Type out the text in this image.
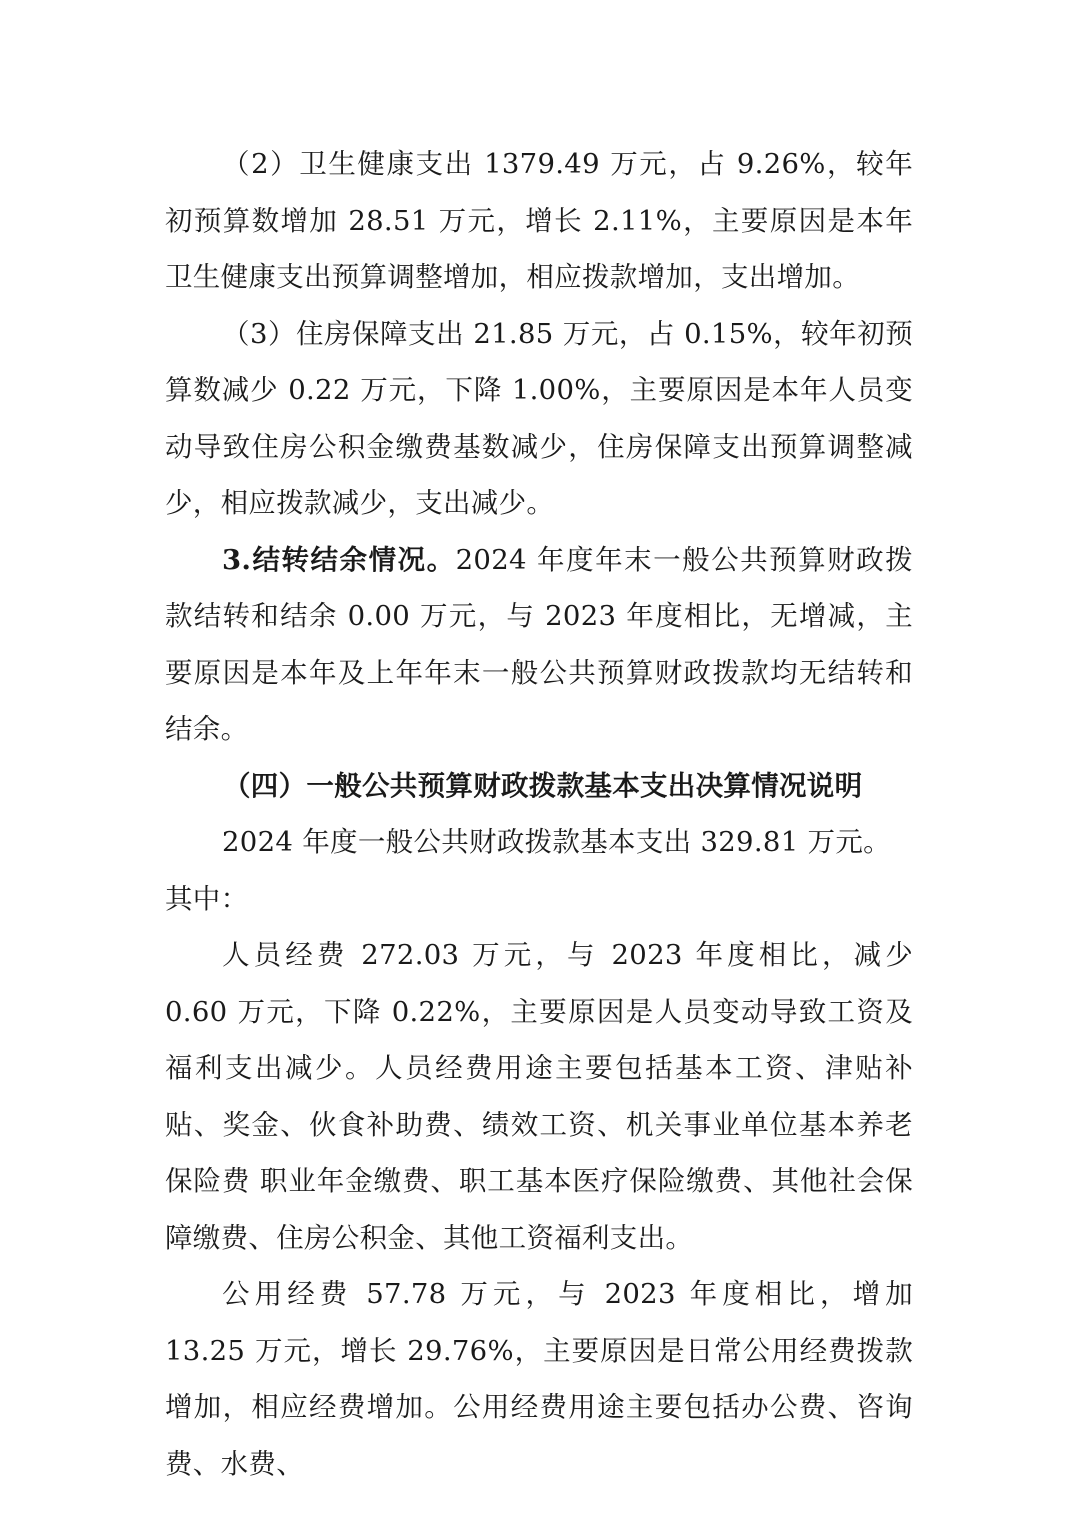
（2）卫生健康支出 1379.49 万元，占 9.26%，较年初预算数增加 28.51 万元，增长 2.11%，主要原因是本年卫生健康支出预算调整增加，相应拨款增加，支出增加。

（3）住房保障支出 21.85 万元，占 0.15%，较年初预算数减少 0.22 万元，下降 1.00%，主要原因是本年人员变动导致住房公积金缴费基数减少，住房保障支出预算调整减少，相应拨款减少，支出减少。

3.结转结余情况。2024 年度年末一般公共预算财政拨款结转和结余 0.00 万元，与 2023 年度相比，无增减，主要原因是本年及上年年末一般公共预算财政拨款均无结转和结余。

（四）一般公共预算财政拨款基本支出决算情况说明

2024 年度一般公共财政拨款基本支出 329.81 万元。

其中：

人员经费 272.03 万元，与 2023 年度相比，减少 0.60 万元，下降 0.22%，主要原因是人员变动导致工资及福利支出减少。人员经费用途主要包括基本工资、津贴补贴、奖金、伙食补助费、绩效工资、机关事业单位基本养老保险费 职业年金缴费、职工基本医疗保险缴费、其他社会保障缴费、住房公积金、其他工资福利支出。

公用经费 57.78 万元，与 2023 年度相比，增加 13.25 万元，增长 29.76%，主要原因是日常公用经费拨款增加，相应经费增加。公用经费用途主要包括办公费、咨询费、水费、
